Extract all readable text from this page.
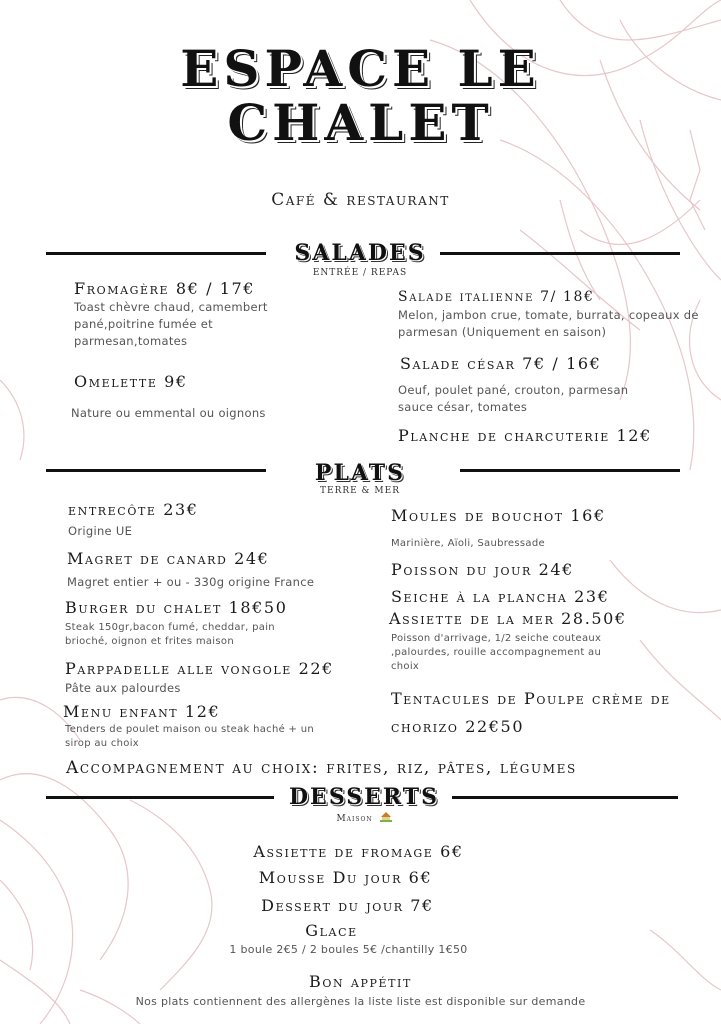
ESPACE LE
CHALET
Café & restaurant
SALADES
ENTRÉE / REPAS
Fromagère 8€ / 17€
Toast chèvre chaud, camembert pané,poitrine fumée et parmesan,tomates
Omelette 9€
Nature ou emmental ou oignons
Salade italienne 7/ 18€
Melon, jambon crue, tomate, burrata, copeaux de parmesan (Uniquement en saison)
Salade césar 7€ / 16€
Oeuf, poulet pané, crouton, parmesan sauce césar, tomates
Planche de charcuterie 12€
PLATS
TERRE & MER
entrecôte 23€
Origine UE
Magret de canard 24€
Magret entier + ou - 330g origine France
Burger du chalet 18€50
Steak 150gr,bacon fumé, cheddar, pain brioché, oignon et frites maison
Parppadelle alle vongole 22€
Pâte aux palourdes
Menu enfant 12€
Tenders de poulet maison ou steak haché + un sirop au choix
Moules de bouchot 16€
Marinière, Aïoli, Saubressade
Poisson du jour 24€
Seiche à la plancha 23€
Assiette de la mer 28.50€
Poisson d'arrivage, 1/2 seiche couteaux ,palourdes, rouille accompagnement au choix
Tentacules de Poulpe crème de chorizo 22€50
Accompagnement au choix: frites, riz, pâtes, légumes
DESSERTS
Maison
Assiette de fromage 6€
Mousse Du jour 6€
Dessert du jour 7€
Glace
1 boule 2€5 / 2 boules 5€ /chantilly 1€50
Bon appétit
Nos plats contiennent des allergènes la liste liste est disponible sur demande
